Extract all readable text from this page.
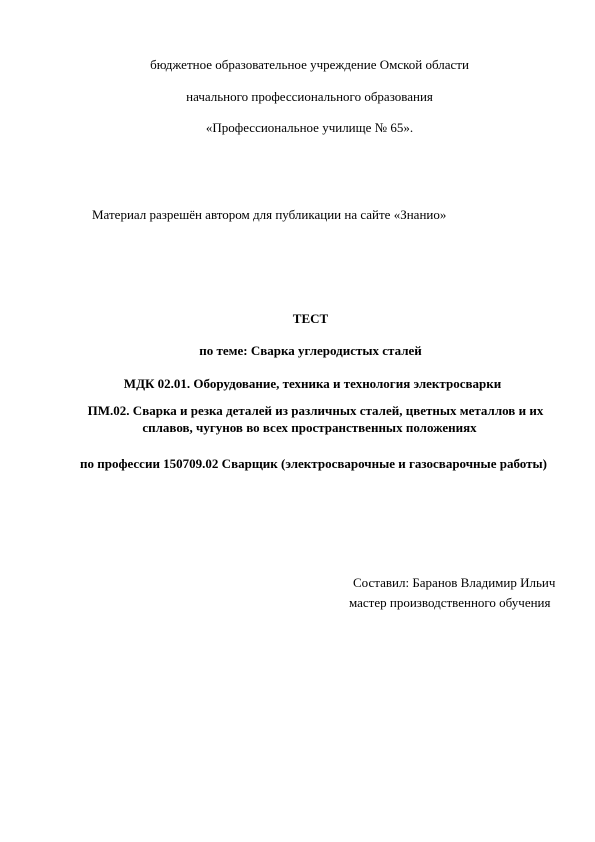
бюджетное образовательное учреждение Омской области
начального профессионального образования
«Профессиональное училище № 65».
Материал разрешён автором для публикации на сайте «Знанио»
ТЕСТ
по теме: Сварка углеродистых сталей
МДК 02.01. Оборудование, техника и технология электросварки
ПМ.02. Сварка и резка деталей из различных сталей, цветных металлов и их
сплавов, чугунов во всех пространственных положениях
по профессии 150709.02 Сварщик (электросварочные и газосварочные работы)
Составил: Баранов Владимир Ильич
мастер производственного обучения
